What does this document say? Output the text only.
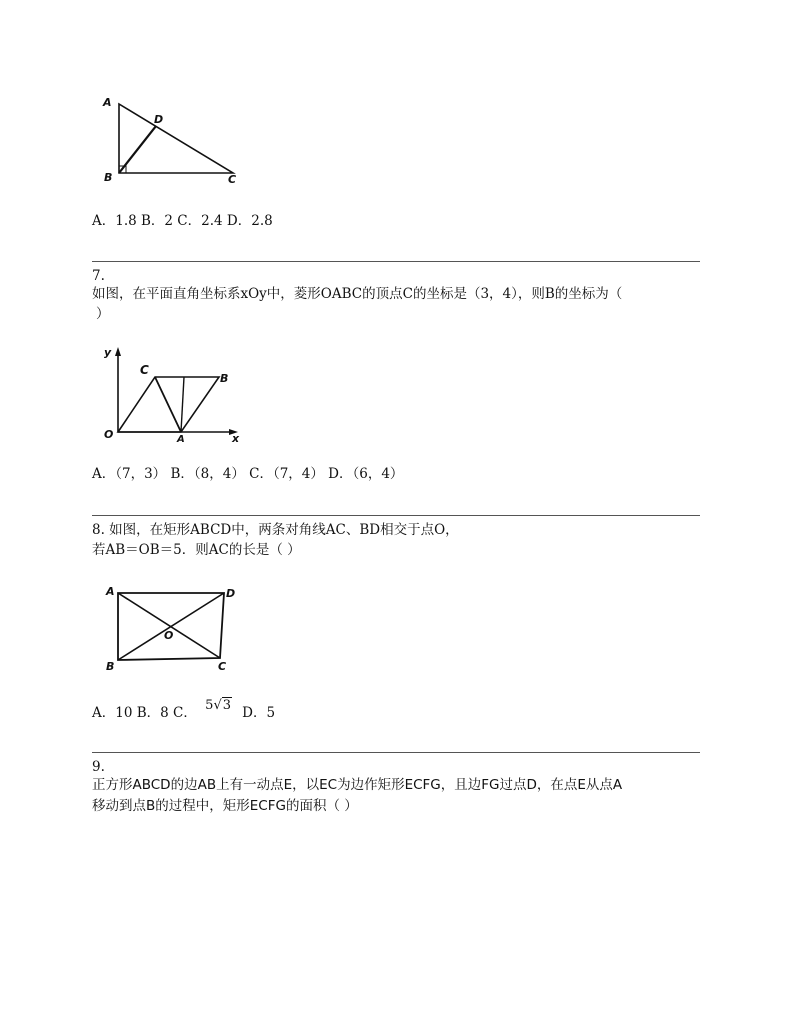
A
D
B	C
A．1.8 B．2 C．2.4 D．2.8
7.
如图，在平面直角坐标系xOy中，菱形OABC的顶点C的坐标是（3，4），则B的坐标为（
）
y
C
B
O	A	x
A．（7，3） B．（8，4） C．（7，4） D．（6，4）
8. 如图，在矩形ABCD中，两条对角线AC、BD相交于点O，
若AB＝OB＝5．则AC的长是（ ）
A	D
O
B	C
A．10 B．8 C． 5√3 D．5
9.
正方形ABCD的边AB上有一动点E，以EC为边作矩形ECFG，且边FG过点D，在点E从点A
移动到点B的过程中，矩形ECFG的面积（ ）
